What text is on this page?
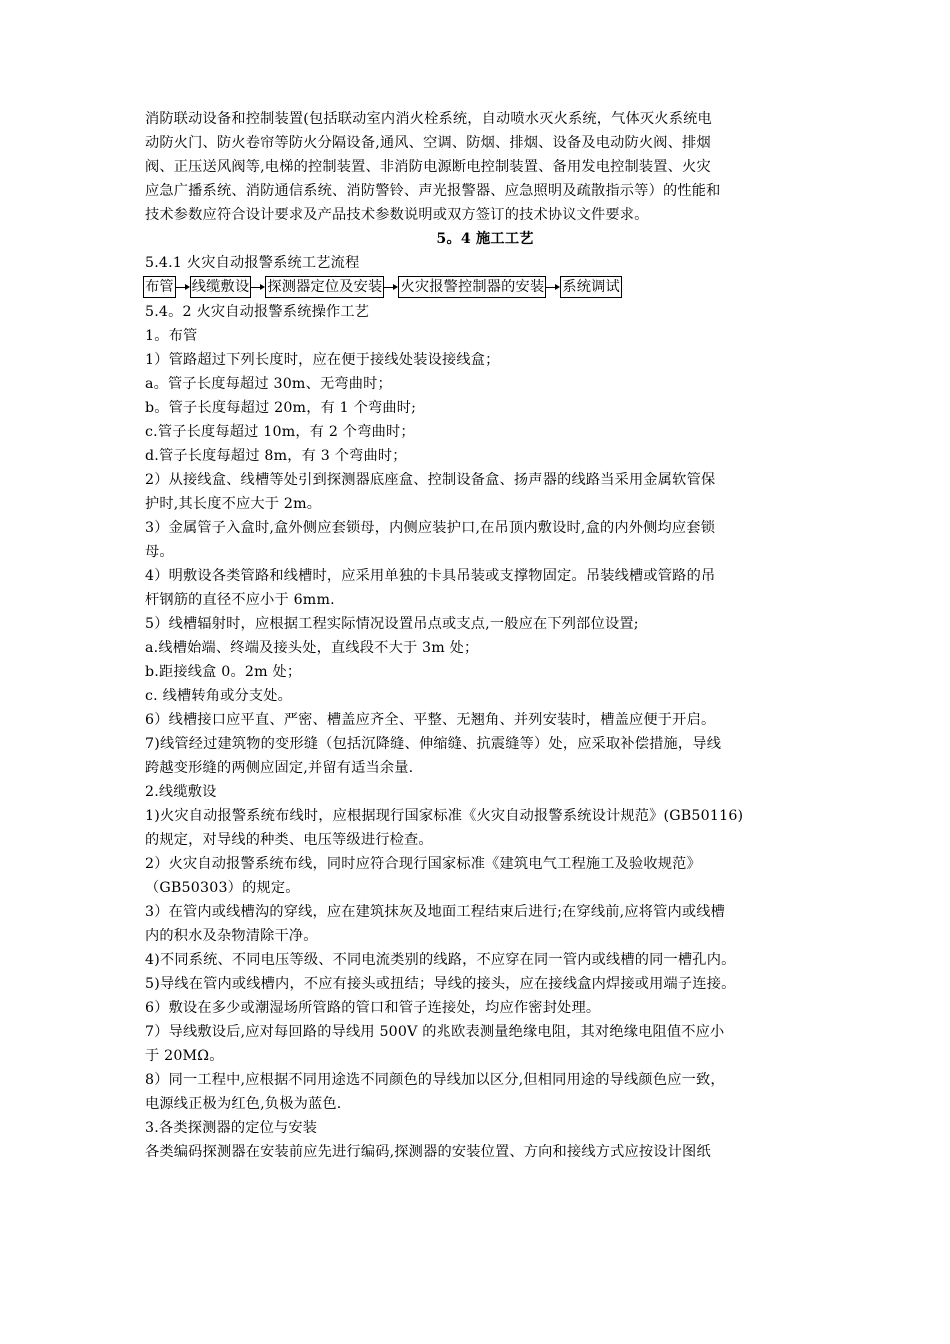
消防联动设备和控制装置(包括联动室内消火栓系统，自动喷水灭火系统，气体灭火系统电
动防火门、防火卷帘等防火分隔设备,通风、空调、防烟、排烟、设备及电动防火阀、排烟
阀、正压送风阀等,电梯的控制装置、非消防电源断电控制装置、备用发电控制装置、火灾
应急广播系统、消防通信系统、消防警铃、声光报警器、应急照明及疏散指示等）的性能和
技术参数应符合设计要求及产品技术参数说明或双方签订的技术协议文件要求。
5。4 施工工艺
5.4.1 火灾自动报警系统工艺流程
布管 线缆敷设 探测器定位及安装 火灾报警控制器的安装 系统调试
5.4。2 火灾自动报警系统操作工艺
1。布管
1）管路超过下列长度时，应在便于接线处装设接线盒；
a。管子长度每超过 30m、无弯曲时；
b。管子长度每超过 20m，有 1 个弯曲时;
c.管子长度每超过 10m，有 2 个弯曲时；
d.管子长度每超过 8m，有 3 个弯曲时；
2）从接线盒、线槽等处引到探测器底座盒、控制设备盒、扬声器的线路当采用金属软管保
护时,其长度不应大于 2m。
3）金属管子入盒时,盒外侧应套锁母，内侧应装护口,在吊顶内敷设时,盒的内外侧均应套锁
母。
4）明敷设各类管路和线槽时，应采用单独的卡具吊装或支撑物固定。吊装线槽或管路的吊
杆钢筋的直径不应小于 6mm.
5）线槽辐射时，应根据工程实际情况设置吊点或支点,一般应在下列部位设置;
a.线槽始端、终端及接头处，直线段不大于 3m 处；
b.距接线盒 0。2m 处；
c. 线槽转角或分支处。
6）线槽接口应平直、严密、槽盖应齐全、平整、无翘角、并列安装时，槽盖应便于开启。
7)线管经过建筑物的变形缝（包括沉降缝、伸缩缝、抗震缝等）处，应采取补偿措施，导线
跨越变形缝的两侧应固定,并留有适当余量.
2.线缆敷设
1)火灾自动报警系统布线时，应根据现行国家标准《火灾自动报警系统设计规范》(GB50116)
的规定，对导线的种类、电压等级进行检查。
2）火灾自动报警系统布线，同时应符合现行国家标准《建筑电气工程施工及验收规范》
（GB50303）的规定。
3）在管内或线槽沟的穿线，应在建筑抹灰及地面工程结束后进行;在穿线前,应将管内或线槽
内的积水及杂物清除干净。
4)不同系统、不同电压等级、不同电流类别的线路，不应穿在同一管内或线槽的同一槽孔内。
5)导线在管内或线槽内，不应有接头或扭结；导线的接头，应在接线盒内焊接或用端子连接。
6）敷设在多少或潮湿场所管路的管口和管子连接处，均应作密封处理。
7）导线敷设后,应对每回路的导线用 500V 的兆欧表测量绝缘电阻，其对绝缘电阻值不应小
于 20MΩ。
8）同一工程中,应根据不同用途选不同颜色的导线加以区分,但相同用途的导线颜色应一致，
电源线正极为红色,负极为蓝色.
3.各类探测器的定位与安装
各类编码探测器在安装前应先进行编码,探测器的安装位置、方向和接线方式应按设计图纸
